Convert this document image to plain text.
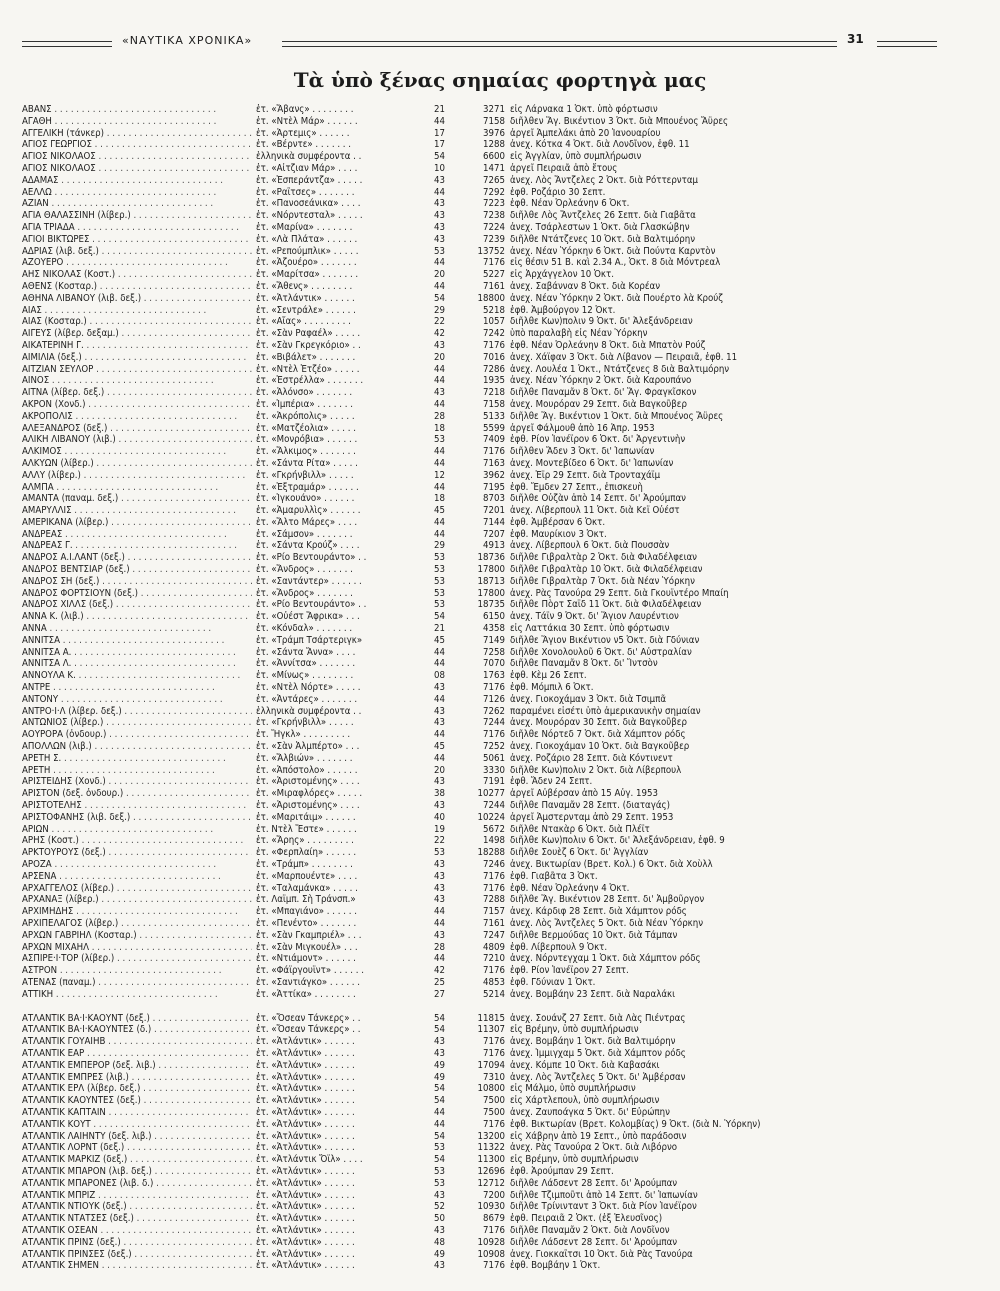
«ΝΑΥΤΙΚΑ ΧΡΟΝΙΚΑ»	31
Τὰ ὑπὸ ξένας σημαίας φορτηγὰ μας
ΑΒΑΝΣ . . .	ἐτ. «Ἄβανς» . . . . . . . .	21	3271 εἰς Λάρνακα 1 Ὀκτ. ὑπὸ φόρτωσιν
ΑΓΑΘΗ . . .	ἐτ. «Ντὲλ Μάρ» . . . . . .	44	7158 διῆλθεν Ἅγ. Βικέντιον 3 Ὀκτ. διὰ Μπουένος Ἄϋρες
ΑΓΓΕΛΙΚΗ (τάνκερ) . . .	ἐτ. «Ἀρτεμις» . . . . . .	17	3976 ἀργεῖ Ἀμπελάκι ἀπὸ 20 Ἰανουαρίου
ΑΓΙΟΣ ΓΕΩΡΓΙΟΣ . . .	ἐτ. «Βέρντε» . . . . . . .	17	1288 ἀνεχ. Κότκα 4 Ὀκτ. διὰ Λονδῖνον, ἐφθ. 11
ΑΓΙΟΣ ΝΙΚΟΛΑΟΣ . . .	ἑλληνικὰ συμφέροντα . .	54	6600 εἰς Ἀγγλίαν, ὑπὸ συμπλήρωσιν
ΑΓΙΟΣ ΝΙΚΟΛΑΟΣ . . .	ἐτ. «Αἰτζιαν Μάρ» . . . .	10	1471 ἀργεῖ Πειραιᾶ ἀπὸ ἔτους
ΑΔΑΜΑΣ . . .	ἐτ. «Ἑσπεράντζα» . . . . .	43	7265 ἀνεχ. Λὸς Ἄντζελες 2 Ὀκτ. διὰ Ρόττερνταμ
ΑΕΛΛΩ . . .	ἐτ. «Ραΐτσες» . . . . . . .	44	7292 ἐφθ. Ροζάριο 30 Σεπτ.
ΑΖΙΑΝ . . .	ἐτ. «Πανοσεάνικα» . . . .	43	7223 ἐφθ. Νέαν Ὀρλεάνην 6 Ὀκτ.
ΑΓΙΑ ΘΑΛΑΣΣΙΝΗ (λίβερ.) . . .	ἐτ. «Νόρντεσταλ» . . . . .	43	7238 διῆλθε Λὸς Ἄντζελες 26 Σεπτ. διὰ Γιαβᾶτα
ΑΓΙΑ ΤΡΙΑΔΑ . . .	ἐτ. «Μαρίνα» . . . . . . .	43	7224 ἀνεχ. Τσάρλεστων 1 Ὀκτ. διὰ Γλασκώβην
ΑΓΙΟΙ ΒΙΚΤΩΡΕΣ . . .	ἐτ. «Λὰ Πλάτα» . . . . . .	43	7239 διῆλθε Ντάτζενες 10 Ὀκτ. διὰ Βαλτιμόρην
ΑΔΡΙΑΣ (λιβ. δεξ.) . . .	ἐτ. «Ρεπούμπλικ» . . . . .	53	13752 ἀνεχ. Νέαν Ὑόρκην 6 Ὀκτ. διὰ Πούντα Καρντὸν
ΑΖΟΥΕΡΟ . . .	ἐτ. «Ἀζουέρο» . . . . . . .	44	7176 εἰς θέσιν 51 Β. καὶ 2.34 Α., Ὀκτ. 8 διὰ Μόντρεαλ
ΑΗΣ ΝΙΚΟΛΑΣ (Κοστ.) . . .	ἐτ. «Μαρίτσα» . . . . . . .	20	5227 εἰς Ἀρχάγγελον 10 Ὀκτ.
ΑΘΕΝΣ (Κοσταρ.) . . .	ἐτ. «Ἄθενς» . . . . . . . .	44	7161 ἀνεχ. Σαβάνναν 8 Ὀκτ. διὰ Κορέαν
ΑΘΗΝΑ ΛΙΒΑΝΟΥ (λιβ. δεξ.) . . .	ἐτ. «Ἀτλάντικ» . . . . . .	54	18800 ἀνεχ. Νέαν Ὑόρκην 2 Ὀκτ. διὰ Πουέρτο λὰ Κρούζ
ΑΙΑΣ . . .	ἐτ. «Σεντράλε» . . . . . .	29	5218 ἐφθ. Ἀμβούργον 12 Ὀκτ.
ΑΙΑΣ (Κοσταρ.) . . .	ἐτ. «Αἴας» . . . . . . . . .	22	1057 διῆλθε Κων)πολιν 9 Ὀκτ. δι' Ἀλεξάνδρειαν
ΑΙΓΕΥΣ (λίβερ. δεξαμ.) . . .	ἐτ. «Σὰν Ραφαέλ» . . . . .	42	7242 ὑπὸ παραλαβὴ εἰς Νέαν Ὑόρκην
ΑΙΚΑΤΕΡΙΝΗ Γ. . . .	ἐτ. «Σὰν Γκρεγκόριο» . .	43	7176 ἐφθ. Νέαν Ὀρλεάνην 8 Ὀκτ. διὰ Μπατὸν Ρούζ
ΑΙΜΙΛΙΑ (δεξ.) . . .	ἐτ. «Βιβάλετ» . . . . . . .	20	7016 ἀνεχ. Χάϊφαν 3 Ὀκτ. διὰ Λίβανον — Πειραιᾶ, ἐφθ. 11
ΑΙΤΖΙΑΝ ΣΕΥΛΟΡ . . .	ἐτ. «Ντὲλ Ἐτζέο» . . . . .	44	7286 ἀνεχ. Λουλέα 1 Ὀκτ., Ντάτζενες 8 διὰ Βαλτιμόρην
ΑΙΝΟΣ . . .	ἐτ. «Ἐστρέλλα» . . . . . . .	44	1935 ἀνεχ. Νέαν Ὑόρκην 2 Ὀκτ. διὰ Καρουπάνο
ΑΙΤΝΑ (λίβερ. δεξ.) . . .	ἐτ. «Ἀλόνσο» . . . . . . .	43	7218 διῆλθε Παναμᾶν 8 Ὀκτ. δι' Ἅγ. Φραγκῖσκον
ΑΚΡΟΝ (Χονδ.) . . .	ἐτ. «Ἰμπέρια» . . . . . . .	44	7158 ἀνεχ. Μουρόραν 29 Σεπτ. διὰ Βαγκοῦβερ
ΑΚΡΟΠΟΛΙΣ . . .	ἐτ. «Ἀκρόπολις» . . . . .	28	5133 διῆλθε Ἅγ. Βικέντιον 1 Ὀκτ. διὰ Μπουένος Ἄϋρες
ΑΛΕΞΑΝΔΡΟΣ (δεξ.) . . .	ἐτ. «Ματζέολια» . . . . .	18	5599 ἀργεῖ Φάλμουθ ἀπὸ 16 Ἀπρ. 1953
ΑΛΙΚΗ ΛΙΒΑΝΟΥ (λιβ.) . . .	ἐτ. «Μονρόβια» . . . . . .	53	7409 ἐφθ. Ρίον Ἰανέϊρον 6 Ὀκτ. δι' Ἀργεντινὴν
ΑΛΚΙΜΟΣ . . .	ἐτ. «Ἄλκιμος» . . . . . . .	44	7176 διῆλθεν Ἄδεν 3 Ὀκτ. δι' Ἰαπωνίαν
ΑΛΚΥΩΝ (λίβερ.) . . .	ἐτ. «Σάντα Ρίτα» . . . . .	44	7163 ἀνεχ. Μοντεβίδεο 6 Ὀκτ. δι' Ἰαπωνίαν
ΑΛΛΥ (λίβερ.) . . .	ἐτ. «Γκρήνβιλλ» . . . . .	12	3962 ἀνεχ. Ἐϊρ 29 Σεπτ. διὰ Τρονταχάϊμ
ΑΛΜΠΑ . . .	ἐτ. «Ἐξτραμάρ» . . . . . .	44	7195 ἐφθ. Ἔμδεν 27 Σεπτ., ἐπισκευὴ
ΑΜΑΝΤΑ (παναμ. δεξ.) . . .	ἐτ. «Ἰγκουάνο» . . . . . .	18	8703 διῆλθε Οὐζὰν ἀπὸ 14 Σεπτ. δι' Ἀρούμπαν
ΑΜΑΡΥΛΛΙΣ . . .	ἐτ. «Ἀμαρυλλὶς» . . . . . .	45	7201 ἀνεχ. Λίβερπουλ 11 Ὀκτ. διὰ Κεϊ Οὐέστ
ΑΜΕΡΙΚΑΝΑ (λίβερ.) . . .	ἐτ. «Ἄλτο Μάρες» . . . .	44	7144 ἐφθ. Ἀμβέρσαν 6 Ὀκτ.
ΑΝΔΡΕΑΣ . . .	ἐτ. «Σάμσον» . . . . . . .	44	7207 ἐφθ. Μαυρίκιον 3 Ὀκτ.
ΑΝΔΡΕΑΣ Γ. . . .	ἐτ. «Σάντα Κρούζ» . . . .	29	4913 ἀνεχ. Λίβερπουλ 6 Ὀκτ. διὰ Πουσσὰν
ΑΝΔΡΟΣ Α.Ι.ΛΑΝΤ (δεξ.) . . .	ἐτ. «Ρίο Βεντουράντο» . .	53	18736 διῆλθε Γιβραλτὰρ 2 Ὀκτ. διὰ Φιλαδέλφειαν
ΑΝΔΡΟΣ ΒΕΝΤΣΙΑΡ (δεξ.) . . .	ἐτ. «Ἄνδρος» . . . . . . .	53	17800 διῆλθε Γιβραλτὰρ 10 Ὀκτ. διὰ Φιλαδέλφειαν
ΑΝΔΡΟΣ ΣΗ (δεξ.) . . .	ἐτ. «Σαντάντερ» . . . . . .	53	18713 διῆλθε Γιβραλτὰρ 7 Ὀκτ. διὰ Νέαν Ὑόρκην
ΑΝΔΡΟΣ ΦΟΡΤΣΙΟΥΝ (δεξ.) . . .	ἐτ. «Ἄνδρος» . . . . . . .	53	17800 ἀνεχ. Ρὰς Τανούρα 29 Σεπτ. διὰ Γκουϊντέρο Μπαίη
ΑΝΔΡΟΣ ΧΙΛΛΣ (δεξ.) . . .	ἐτ. «Ρίο Βεντουράντο» . .	53	18735 διῆλθε Πὸρτ Σαϊδ 11 Ὀκτ. διὰ Φιλαδέλφειαν
ΑΝΝΑ Κ. (λιβ.) . . .	ἐτ. «Οὐέστ Ἄφρικα» . . .	54	6150 ἀνεχ. Τάϊν 9 Ὀκτ. δι' Ἅγιον Λαυρέντιον
ΑΝΝΑ . . .	ἐτ. «Κόνδαλ» . . . . . . .	21	4358 εἰς Λαττάκια 30 Σεπτ. ὑπὸ φόρτωσιν
ΑΝΝΙΤΣΑ . . .	ἐτ. «Τράμπ Τσάρτεριγκ»	45	7149 διῆλθε Ἅγιον Βικέντιον ν5 Ὀκτ. διὰ Γδύνιαν
ΑΝΝΙΤΣΑ Α. . . .	ἐτ. «Σάντα Ἄννα» . . . .	44	7258 διῆλθε Χονολουλοῦ 6 Ὀκτ. δι' Αὐστραλίαν
ΑΝΝΙΤΣΑ Λ. . . .	ἐτ. «Ἀννίτσα» . . . . . . .	44	7070 διῆλθε Παναμᾶν 8 Ὀκτ. δι' Ἴντσὸν
ΑΝΝΟΥΛΑ Κ. . . .	ἐτ. «Μίνως» . . . . . . . .	08	1763 ἐφθ. Κὲμ 26 Σεπτ.
ΑΝΤΡΕ . . .	ἐτ. «Ντὲλ Νόρτε» . . . . .	43	7176 ἐφθ. Μόμπιλ 6 Ὀκτ.
ΑΝΤΟΝΥ . . .	ἐτ. «Ἀντάρες» . . . . . . .	44	7126 ἀνεχ. Γιοκοχάμαν 3 Ὀκτ. διὰ Τσιμπᾶ
ΑΝΤΡΟ·Ι·Λ (λίβερ. δεξ.) . . .	ἑλληνικὰ συμφέροντα . .	43	7262 παραμένει εἰσέτι ὑπὸ ἀμερικανικὴν σημαίαν
ΑΝΤΩΝΙΟΣ (λίβερ.) . . .	ἐτ. «Γκρήνβιλλ» . . . . .	43	7244 ἀνεχ. Μουρόραν 30 Σεπτ. διὰ Βαγκοῦβερ
ΑΟΥΡΟΡΑ (ὀνδουρ.) . . .	ἐτ. Ἤγκλ» . . . . . . . . .	44	7176 διῆλθε Νόρτεδ 7 Ὀκτ. διὰ Χάμπτον ρόδς
ΑΠΟΛΛΩΝ (λιβ.) . . .	ἐτ. «Σὰν Ἀλμπέρτο» . . .	45	7252 ἀνεχ. Γιοκοχάμαν 10 Ὀκτ. διὰ Βαγκοῦβερ
ΑΡΕΤΗ Σ. . . .	ἐτ. «Ἄλβιών» . . . . . . .	44	5061 ἀνεχ. Ροζάριο 28 Σεπτ. διὰ Κόντινεντ
ΑΡΕΤΗ . . .	ἐτ. «Ἀπόστολο» . . . . . .	20	3330 διῆλθε Κων)πολιν 2 Ὀκτ. διὰ Λίβερπουλ
ΑΡΙΣΤΕΙΔΗΣ (Χονδ.) . . .	ἐτ. «Ἀριστομένης» . . . .	43	7191 ἐφθ. Ἄδεν 24 Σεπτ.
ΑΡΙΣΤΟΝ (δεξ. ὀνδουρ.) . . .	ἐτ. «Μιραφλόρες» . . . . .	38	10277 ἀργεῖ Αὐβέρσαν ἀπὸ 15 Αὐγ. 1953
ΑΡΙΣΤΟΤΕΛΗΣ . . .	ἐτ. «Ἀριστομένης» . . . .	43	7244 διῆλθε Παναμᾶν 28 Σεπτ. (διαταγάς)
ΑΡΙΣΤΟΦΑΝΗΣ (λιβ. δεξ.) . . .	ἐτ. «Μαριτάιμ» . . . . . .	40	10224 ἀργεῖ Ἀμστερνταμ ἀπὸ 29 Σεπτ. 1953
ΑΡΙΩΝ . . .	ἐτ. Ντὲλ Ἔστε» . . . . . .	19	5672 διῆλθε Ντακὰρ 6 Ὀκτ. διὰ Πλέϊτ
ΑΡΗΣ (Κοστ.) . . .	ἐτ. «Ἄρης» . . . . . . . . .	22	1498 διῆλθε Κων)πολιν 6 Ὀκτ. δι' Ἀλεξάνδρειαν, ἐφθ. 9
ΑΡΚΤΟΥΡΟΥΣ (δεξ.) . . .	ἐτ. «Φερπλαίη» . . . . . .	53	18288 διῆλθε Σουὲζ 6 Ὀκτ. δι' Ἀγγλίαν
ΑΡΟΖΑ . . .	ἐτ. «Τράμπ» . . . . . . . .	43	7246 ἀνεχ. Βικτωρίαν (Βρετ. Κολ.) 6 Ὀκτ. διὰ Χοὺλλ
ΑΡΣΕΝΑ . . .	ἐτ. «Μαρπουέντε» . . . .	43	7176 ἐφθ. Γιαβᾶτα 3 Ὀκτ.
ΑΡΧΑΓΓΕΛΟΣ (λίβερ.) . . .	ἐτ. «Ταλαμάνκα» . . . . .	43	7176 ἐφθ. Νέαν Ὀρλεάνην 4 Ὀκτ.
ΑΡΧΑΝΑΞ (λίβερ.) . . .	ἐτ. Λαϊμπ. Σὴ Τράνσπ.»	43	7288 διῆλθε Ἅγ. Βικέντιον 28 Σεπτ. δι' Ἀμβοῦργον
ΑΡΧΙΜΗΔΗΣ . . .	ἐτ. «Μπαγιάνο» . . . . . .	44	7157 ἀνεχ. Κάρδιφ 28 Σεπτ. διὰ Χάμπτον ρόδς
ΑΡΧΙΠΕΛΑΓΟΣ (λίβερ.) . . .	ἐτ. «Πενέντο» . . . . . . .	44	7161 ἀνεχ. Λὸς Ἄντζελες 5 Ὀκτ. διὰ Νέαν Ὑόρκην
ΑΡΧΩΝ ΓΑΒΡΙΗΛ (Κοσταρ.) . . .	ἐτ. «Σὰν Γκαμπριέλ» . . .	43	7247 διῆλθε Βερμούδας 10 Ὀκτ. διὰ Τάμπαν
ΑΡΧΩΝ ΜΙΧΑΗΛ . . .	ἐτ. «Σὰν Μιγκουέλ» . . .	28	4809 ἐφθ. Λίβερπουλ 9 Ὀκτ.
ΑΣΠΙΡΕ·Ι·ΤΟΡ (λίβερ.) . . .	ἐτ. «Ντιάμοντ» . . . . . .	44	7210 ἀνεχ. Νόρντεγχαμ 1 Ὀκτ. διὰ Χάμπτον ρόδς
ΑΣΤΡΟΝ . . .	ἐτ. «Φάϊργουϊντ» . . . . . .	42	7176 ἐφθ. Ρίον Ἰανέϊρον 27 Σεπτ.
ΑΤΕΝΑΣ (παναμ.) . . .	ἐτ. «Σαντιάγκο» . . . . . .	25	4853 ἐφθ. Γδύνιαν 1 Ὀκτ.
ΑΤΤΙΚΗ . . .	ἐτ. «Ἀττίκα» . . . . . . . .	27	5214 ἀνεχ. Βομβάην 23 Σεπτ. διὰ Ναραλάκι
ΑΤΛΑΝΤΙΚ ΒΑ·Ι·ΚΑΟΥΝΤ (δεξ.) . . .	ἐτ. «Ὄσεαν Τάνκερς» . .	54	11815 ἀνεχ. Σουάνζ 27 Σεπτ. διὰ Λὰς Πιέντρας
ΑΤΛΑΝΤΙΚ ΒΑ·Ι·ΚΑΟΥΝΤΕΣ (δ.) . . .	ἐτ. «Ὄσεαν Τάνκερς» . .	54	11307 εἰς Βρέμην, ὑπὸ συμπλήρωσιν
ΑΤΛΑΝΤΙΚ ΓΟΥΑΙΗΒ . . .	ἐτ. «Ἀτλάντικ» . . . . . .	43	7176 ἀνεχ. Βομβάην 1 Ὀκτ. διὰ Βαλτιμόρην
ΑΤΛΑΝΤΙΚ ΕΑΡ . . .	ἐτ. «Ἀτλάντικ» . . . . . .	43	7176 ἀνεχ. Ἰμμιγχαμ 5 Ὀκτ. διὰ Χάμπτον ρόδς
ΑΤΛΑΝΤΙΚ ΕΜΠΕΡΟΡ (δεξ. λιβ.) . . .	ἐτ. «Ἀτλάντικ» . . . . . .	49	17094 ἀνεχ. Κόμπε 10 Ὀκτ. διὰ Καβασάκι
ΑΤΛΑΝΤΙΚ ΕΜΠΡΕΣ (λιβ.) . . .	ἐτ. «Ἀτλάντικ» . . . . . .	49	7310 ἀνεχ. Λὸς Ἄντζελες 5 Ὀκτ. δι' Ἀμβέρσαν
ΑΤΛΑΝΤΙΚ ΕΡΛ (λίβερ. δεξ.) . . .	ἐτ. «Ἀτλάντικ» . . . . . .	54	10800 εἰς Μάλμο, ὑπὸ συμπλήρωσιν
ΑΤΛΑΝΤΙΚ ΚΑΟΥΝΤΕΣ (δεξ.) . . .	ἐτ. «Ἀτλάντικ» . . . . . .	54	7500 εἰς Χάρτλεπουλ, ὑπὸ συμπλήρωσιν
ΑΤΛΑΝΤΙΚ ΚΑΠΤΑΙΝ . . .	ἐτ. «Ἀτλάντικ» . . . . . .	44	7500 ἀνεχ. Ζαυποάγκα 5 Ὀκτ. δι' Εὐρώπην
ΑΤΛΑΝΤΙΚ ΚΟΥΤ . . .	ἐτ. «Ἀτλάντικ» . . . . . .	44	7176 ἐφθ. Βικτωρίαν (Βρετ. Κολομβίας) 9 Ὀκτ. (διὰ Ν. Ὑόρκην)
ΑΤΛΑΝΤΙΚ ΛΑΙΗΝΤΥ (δεξ. λιβ.) . . .	ἐτ. «Ἀτλάντικ» . . . . . .	54	13200 εἰς Χάβρην ἀπὸ 19 Σεπτ., ὑπὸ παράδοσιν
ΑΤΛΑΝΤΙΚ ΛΟΡΝΤ (δεξ.) . . .	ἐτ. «Ἀτλάντικ» . . . . . .	53	11322 ἀνεχ. Ρὰς Τανούρα 2 Ὀκτ. διὰ Λιβόρνο
ΑΤΛΑΝΤΙΚ ΜΑΡΚΙΖ (δεξ.) . . .	ἐτ. «Ἀτλάντικ Ὄϊλ» . . . .	54	11300 εἰς Βρέμην, ὑπὸ συμπλήρωσιν
ΑΤΛΑΝΤΙΚ ΜΠΑΡΟΝ (λιβ. δεξ.) . . .	ἐτ. «Ἀτλάντικ» . . . . . .	53	12696 ἐφθ. Ἀρούμπαν 29 Σεπτ.
ΑΤΛΑΝΤΙΚ ΜΠΑΡΟΝΕΣ (λιβ. δ.) . . .	ἐτ. «Ἀτλάντικ» . . . . . .	53	12712 διῆλθε Λάδσεντ 28 Σεπτ. δι' Ἀρούμπαν
ΑΤΛΑΝΤΙΚ ΜΠΡΙΖ . . .	ἐτ. «Ἀτλάντικ» . . . . . .	43	7200 διῆλθε Τζιμποῦτι ἀπὸ 14 Σεπτ. δι' Ἰαπωνίαν
ΑΤΛΑΝΤΙΚ ΝΤΙΟΥΚ (δεξ.) . . .	ἐτ. «Ἀτλάντικ» . . . . . .	52	10930 διῆλθε Τρίνινταντ 3 Ὀκτ. διὰ Ρίον Ἰανέϊρον
ΑΤΛΑΝΤΙΚ ΝΤΑΤΣΕΣ (δεξ.) . . .	ἐτ. «Ἀτλάντικ» . . . . . .	50	8679 ἐφθ. Πειραιᾶ 2 Ὀκτ. (ἐξ Ἐλευσῖνος)
ΑΤΛΑΝΤΙΚ ΟΣΕΑΝ . . .	ἐτ. «Ἀτλάντικ» . . . . . .	43	7176 διῆλθε Παναμᾶν 2 Ὀκτ. διὰ Λονδῖνον
ΑΤΛΑΝΤΙΚ ΠΡΙΝΣ (δεξ.) . . .	ἐτ. «Ἀτλάντικ» . . . . . .	48	10928 διῆλθε Λάδσεντ 28 Σεπτ. δι' Ἀρούμπαν
ΑΤΛΑΝΤΙΚ ΠΡΙΝΣΕΣ (δεξ.) . . .	ἐτ. «Ἀτλάντικ» . . . . . .	49	10908 ἀνεχ. Γιοκκαΐτσι 10 Ὀκτ. διὰ Ρὰς Τανούρα
ΑΤΛΑΝΤΙΚ ΣΗΜΕΝ . . .	ἐτ. «Ἀτλάντικ» . . . . . .	43	7176 ἐφθ. Βομβάην 1 Ὀκτ.
